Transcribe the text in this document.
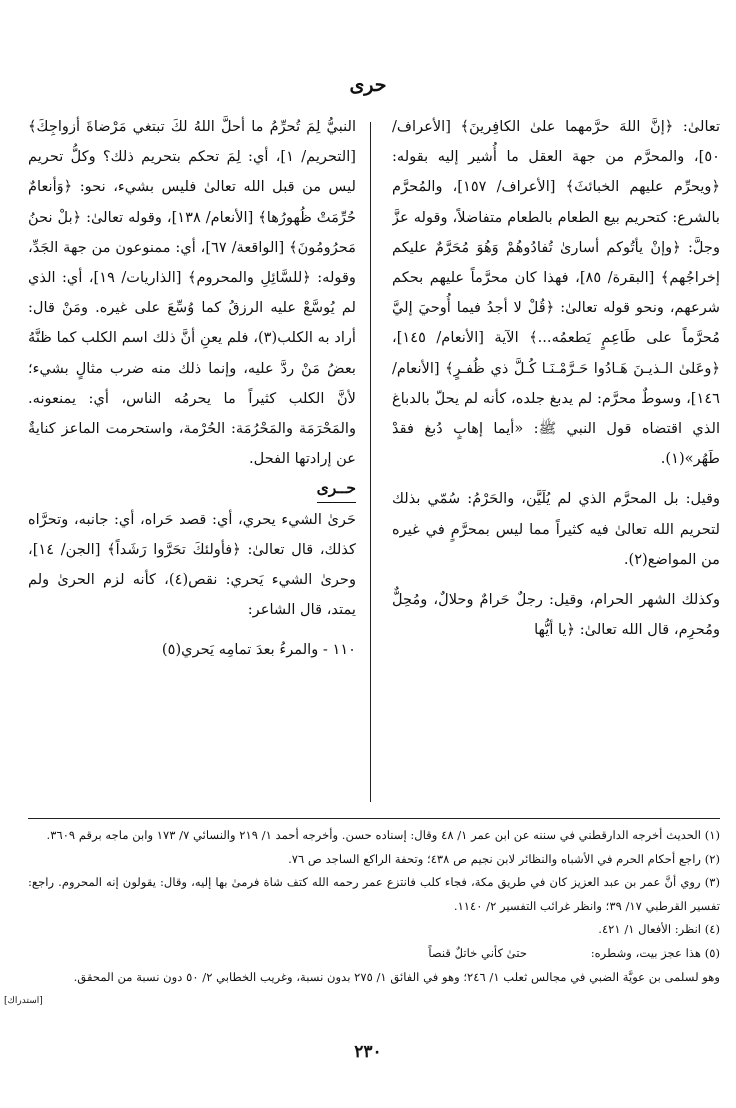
حرى

تعالىٰ: ﴿إنَّ اللهَ حرَّمهما علىٰ الكافِرينَ﴾ [الأعراف/ ٥٠]، والمحرَّم من جهة العقل ما أُشير إليه بقوله: ﴿ويحرِّم عليهم الخبائثَ﴾ [الأعراف/ ١٥٧]، والمُحرَّم بالشرع: كتحريم بيع الطعام بالطعام متفاضلاً، وقوله عزَّ وجلَّ: ﴿وإنْ يأتُوكم أسارىٰ تُفادُوهُمْ وَهُوَ مُحَرَّمٌ عليكم إخراجُهم﴾ [البقرة/ ٨٥]، فهذا كان محرَّماً عليهم بحكم شرعهم، ونحو قوله تعالىٰ: ﴿قُلْ لا أجدُ فيما أُوحيَ إليَّ مُحرَّماً على طَاعِمٍ يَطعمُه...﴾ الآية [الأنعام/ ١٤٥]، ﴿وعَلىٰ الـذيـنَ هَـادُوا حَـرَّمْـنَـا كُـلَّ ذي ظُفـرٍ﴾ [الأنعام/ ١٤٦]، وسوطٌ محرَّم: لم يدبغ جلده، كأنه لم يحلّ بالدباغ الذي اقتضاه قول النبي ﷺ: «أيما إهابٍ دُبغ فقدْ طَهُر»(١).

وقيل: بل المحرَّم الذي لم يُلَيَّن، والحَرْمُ: سُمّي بذلك لتحريم الله تعالىٰ فيه كثيراً مما ليس بمحرَّمٍ في غيره من المواضع(٢).

وكذلك الشهر الحرام، وقيل: رجلٌ حَرامٌ وحلالٌ، ومُحِلٌّ ومُحرِم، قال الله تعالىٰ: ﴿يا أيُّها

النبيُّ لِمَ تُحرِّمُ ما أحلَّ اللهُ لكَ تبتغي مَرْضاةَ أزواجِكَ﴾ [التحريم/ ١]، أي: لِمَ تحكم بتحريم ذلك؟ وكلُّ تحريم ليس من قبل الله تعالىٰ فليس بشيء، نحو: ﴿وَأنعامٌ حُرِّمَتْ ظُهورُها﴾ [الأنعام/ ١٣٨]، وقوله تعالىٰ: ﴿بلْ نحنُ مَحرُومُونَ﴾ [الواقعة/ ٦٧]، أي: ممنوعون من جهة الجَدِّ، وقوله: ﴿للسَّائِلِ والمحروم﴾ [الذاريات/ ١٩]، أي: الذي لم يُوسَّعْ عليه الرزقُ كما وُسِّعَ على غيره. ومَنْ قال: أراد به الكلب(٣)، فلم يعنِ أنَّ ذلك اسم الكلب كما ظنَّهُ بعضُ مَنْ ردَّ عليه، وإنما ذلك منه ضرب مثالٍ بشيء؛ لأنَّ الكلب كثيراً ما يحرمُه الناس، أي: يمنعونه. والمَحْرَمَة والمَحْرُمَة: الحُرْمة، واستحرمت الماعز كنايةٌ عن إرادتها الفحل.

حــرى

حَرىٰ الشيء يحري، أي: قصد حَراه، أي: جانبه، وتحرَّاه كذلك، قال تعالىٰ: ﴿فأولئكَ تحَرَّوا رَشَداً﴾ [الجن/ ١٤]، وحرىٰ الشيء يَحري: نقص(٤)، كأنه لزم الحرىٰ ولم يمتد، قال الشاعر:

١١٠ - والمرءُ بعدَ تمامِه يَحري(٥)

(١) الحديث أخرجه الدارقطني في سننه عن ابن عمر ١/ ٤٨ وقال: إسناده حسن. وأخرجه أحمد ١/ ٢١٩ والنسائي ٧/ ١٧٣ وابن ماجه برقم ٣٦٠٩.

(٢) راجع أحكام الحرم في الأشباه والنظائر لابن نجيم ص ٤٣٨؛ وتحفة الراكع الساجد ص ٧٦.

(٣) روي أنَّ عمر بن عبد العزيز كان في طريق مكة، فجاء كلب فانتزع عمر رحمه الله كتف شاة فرمىٰ بها إليه، وقال: يقولون إنه المحروم. راجع: تفسير القرطبي ١٧/ ٣٩؛ وانظر غرائب التفسير ٢/ ١١٤٠.

(٤) انظر: الأفعال ١/ ٤٢١.

(٥) هذا عجز بيت، وشطره: حتىٰ كأني خاتلٌ قنصاً

وهو لسلمى بن عويَّة الضبي في مجالس ثعلب ١/ ٢٤٦؛ وهو في الفائق ١/ ٢٧٥ بدون نسبة، وغريب الخطابي ٢/ ٥٠ دون نسبة من المحقق.

[استدراك]
٢٣٠
